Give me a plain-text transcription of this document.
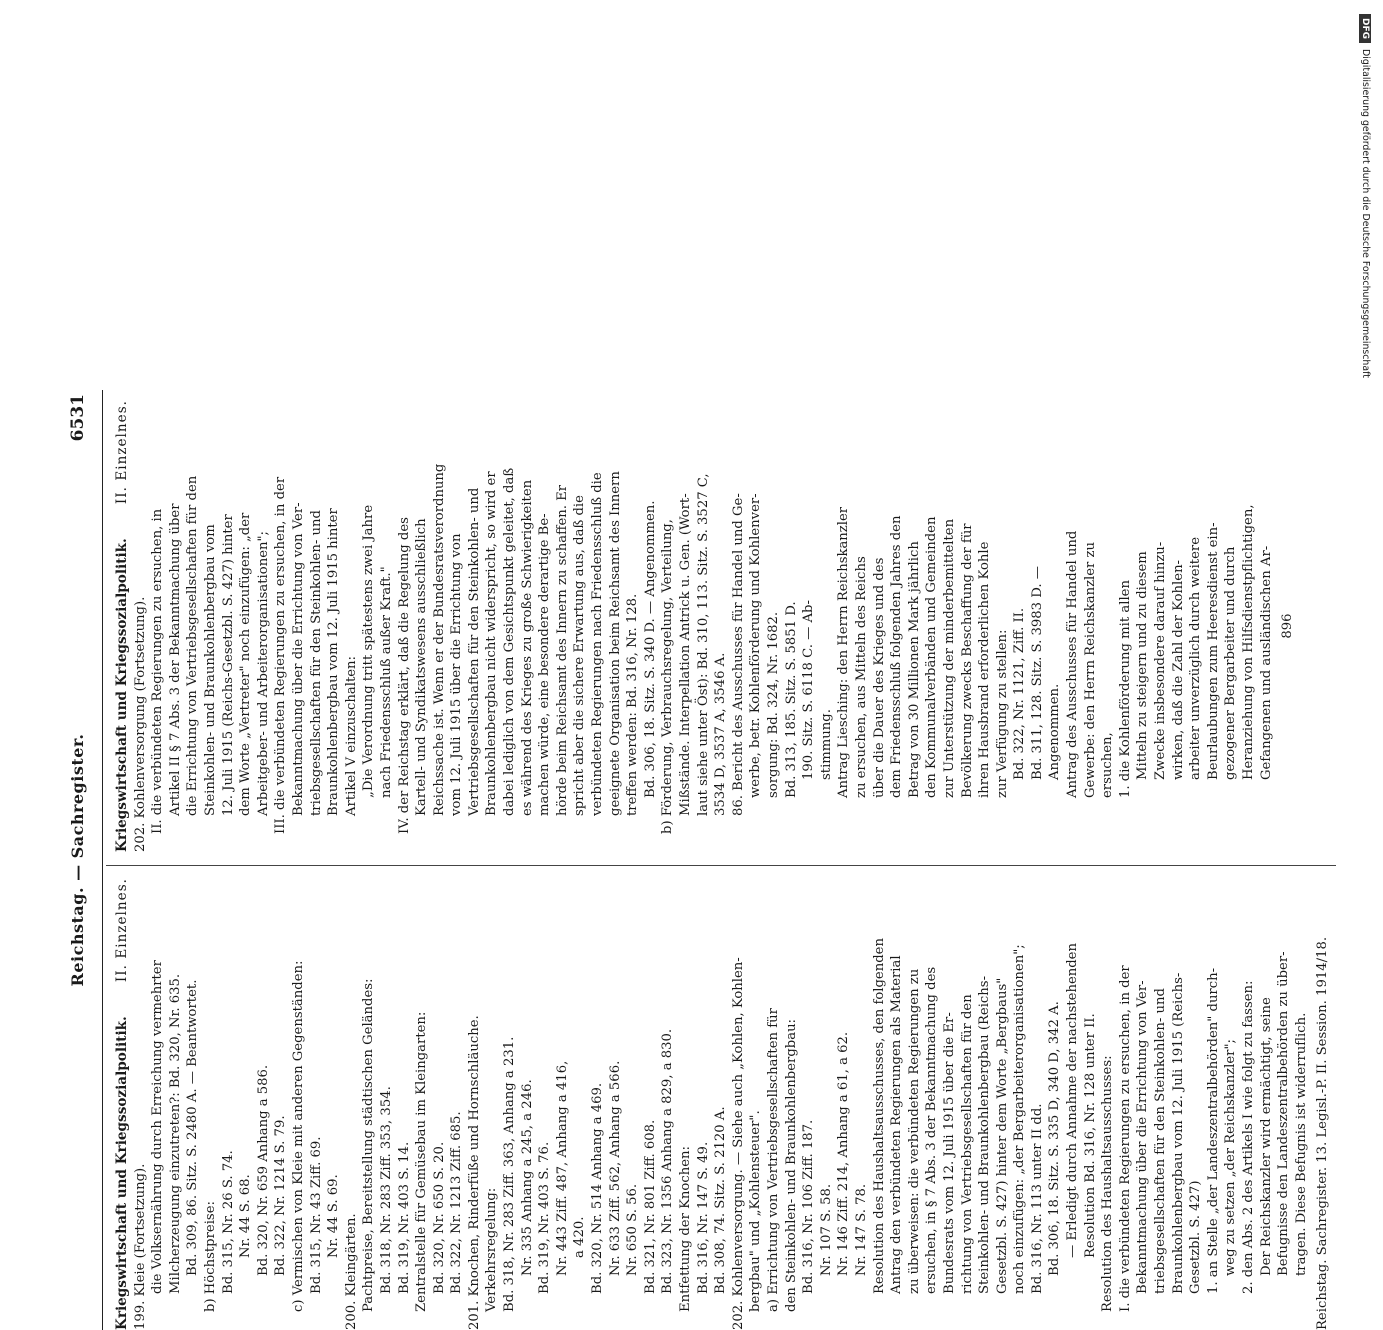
Reichstag. — Sachregister.
6531
Kriegswirtschaft und Kriegssozialpolitik.
II. Einzelnes.
199. Kleie (Fortsetzung). die Volksernährung durch Erreichung vermehrter Milcherzeugung einzutreten?: Bd. 320, Nr. 635. Bd. 309, 86. Sitz. S. 2480 A. — Beantwortet. b) Höchstpreise: Bd. 315, Nr. 26 S. 74. Nr. 44 S. 68. Bd. 320, Nr. 659 Anhang a 586. Bd. 322, Nr. 1214 S. 79. c) Vermischen von Kleie mit anderen Gegenständen: Bd. 315, Nr. 43 Ziff. 69. Nr. 44 S. 69. 200. Kleingärten. Pachtpreise, Bereitstellung städtischen Geländes: Bd. 318, Nr. 283 Ziff. 353, 354. Bd. 319, Nr. 403 S. 14. Zentralstelle für Gemüsebau im Kleingarten: Bd. 320, Nr. 650 S. 20. Bd. 322, Nr. 1213 Ziff. 685. 201. Knochen, Rinderfüße und Hornschläuche. Verkehrsregelung: Bd. 318, Nr. 283 Ziff. 363, Anhang a 231. Nr. 335 Anhang a 245, a 246. Bd. 319, Nr. 403 S. 76. Nr. 443 Ziff. 487, Anhang a 416, a 420. Bd. 320, Nr. 514 Anhang a 469. Nr. 633 Ziff. 562, Anhang a 566. Nr. 650 S. 56. Bd. 321, Nr. 801 Ziff. 608. Bd. 323, Nr. 1356 Anhang a 829, a 830. Entfettung der Knochen: Bd. 316, Nr. 147 S. 49. Bd. 308, 74. Sitz. S. 2120 A. 202. Kohlenversorgung. — Siehe auch „Kohlen, Kohlen- bergbau" und „Kohlensteuer". a) Errichtung von Vertriebsgesellschaften für den Steinkohlen- und Braunkohlenbergbau: Bd. 316, Nr. 106 Ziff. 187. Nr. 107 S. 58. Nr. 146 Ziff. 214, Anhang a 61, a 62. Nr. 147 S. 78. Resolution des Haushaltsausschusses, den folgenden Antrag den verbündeten Regierungen als Material zu überweisen: die verbündeten Regierungen zu ersuchen, in § 7 Abs. 3 der Bekanntmachung des Bundesrats vom 12. Juli 1915 über die Er- richtung von Vertriebsgesellschaften für den Steinkohlen- und Braunkohlenbergbau (Reichs- Gesetzbl. S. 427) hinter dem Worte „Bergbaus" noch einzufügen: „der Bergarbeiterorganisationen"; Bd. 316, Nr. 113 unter II dd. Bd. 306, 18. Sitz. S. 335 D, 340 D, 342 A. — Erledigt durch Annahme der nachstehenden Resolution Bd. 316, Nr. 128 unter II. Resolution des Haushaltsausschusses: I. die verbündeten Regierungen zu ersuchen, in der Bekanntmachung über die Errichtung von Ver- triebsgesellschaften für den Steinkohlen- und Braunkohlenbergbau vom 12. Juli 1915 (Reichs- Gesetzbl. S. 427) 1. an Stelle „der Landeszentralbehörden" durch- weg zu setzen „der Reichskanzler"; 2. den Abs. 2 des Artikels I wie folgt zu fassen: Der Reichskanzler wird ermächtigt, seine Befugnisse den Landeszentralbehörden zu über- tragen. Diese Befugnis ist widerruflich. Reichstag. Sachregister. 13. Legisl.-P. II. Session. 1914/18.
Kriegswirtschaft und Kriegssozialpolitik.
II. Einzelnes.
202. Kohlenversorgung (Fortsetzung). II. die verbündeten Regierungen zu ersuchen, in Artikel II § 7 Abs. 3 der Bekanntmachung über die Errichtung von Vertriebsgesellschaften für den Steinkohlen- und Braunkohlenbergbau vom 12. Juli 1915 (Reichs-Gesetzbl. S. 427) hinter dem Worte „Vertreter" noch einzufügen: „der Arbeitgeber- und Arbeiterorganisationen"; III. die verbündeten Regierungen zu ersuchen, in der Bekanntmachung über die Errichtung von Ver- triebsgesellschaften für den Steinkohlen- und Braunkohlenbergbau vom 12. Juli 1915 hinter Artikel V einzuschalten: „Die Verordnung tritt spätestens zwei Jahre nach Friedensschluß außer Kraft." IV. der Reichstag erklärt, daß die Regelung des Kartell- und Syndikatswesens ausschließlich Reichssache ist. Wenn er der Bundesratsverordnung vom 12. Juli 1915 über die Errichtung von Vertriebsgesellschaften für den Steinkohlen- und Braunkohlenbergbau nicht widerspricht, so wird er dabei lediglich von dem Gesichtspunkt geleitet, daß es während des Krieges zu große Schwierigkeiten machen würde, eine besondere derartige Be- hörde beim Reichsamt des Innern zu schaffen. Er spricht aber die sichere Erwartung aus, daß die verbündeten Regierungen nach Friedensschluß die geeignete Organisation beim Reichsamt des Innern treffen werden: Bd. 316, Nr. 128. Bd. 306, 18. Sitz. S. 340 D. — Angenommen. b) Förderung, Verbrauchsregelung, Verteilung, Mißstände. Interpellation Antrick u. Gen. (Wort- laut siehe unter Öst): Bd. 310, 113. Sitz. S. 3527 C, 3534 D, 3537 A, 3546 A. 86. Bericht des Ausschusses für Handel und Ge- werbe, betr. Kohlenförderung und Kohlenver- sorgung: Bd. 324, Nr. 1682. Bd. 313, 185. Sitz. S. 5851 D. 190. Sitz. S. 6118 C. — Ab- stimmung. Antrag Liesching: den Herrn Reichskanzler zu ersuchen, aus Mitteln des Reichs über die Dauer des Krieges und des dem Friedensschluß folgenden Jahres den Betrag von 30 Millionen Mark jährlich den Kommunalverbänden und Gemeinden zur Unterstützung der minderbemittelten Bevölkerung zwecks Beschaffung der für ihren Hausbrand erforderlichen Kohle zur Verfügung zu stellen: Bd. 322, Nr. 1121, Ziff. II. Bd. 311, 128. Sitz. S. 3983 D. — Angenommen. Antrag des Ausschusses für Handel und Gewerbe: den Herrn Reichskanzler zu ersuchen, 1. die Kohlenförderung mit allen Mitteln zu steigern und zu diesem Zwecke insbesondere darauf hinzu- wirken, daß die Zahl der Kohlen- arbeiter unverzüglich durch weitere Beurlaubungen zum Heeresdienst ein- gezogener Bergarbeiter und durch Heranziehung von Hilfsdienstpflichtigen, Gefangenen und ausländischen Ar- 896
DFGDigitalisierung gefördert durch die Deutsche Forschungsgemeinschaft
